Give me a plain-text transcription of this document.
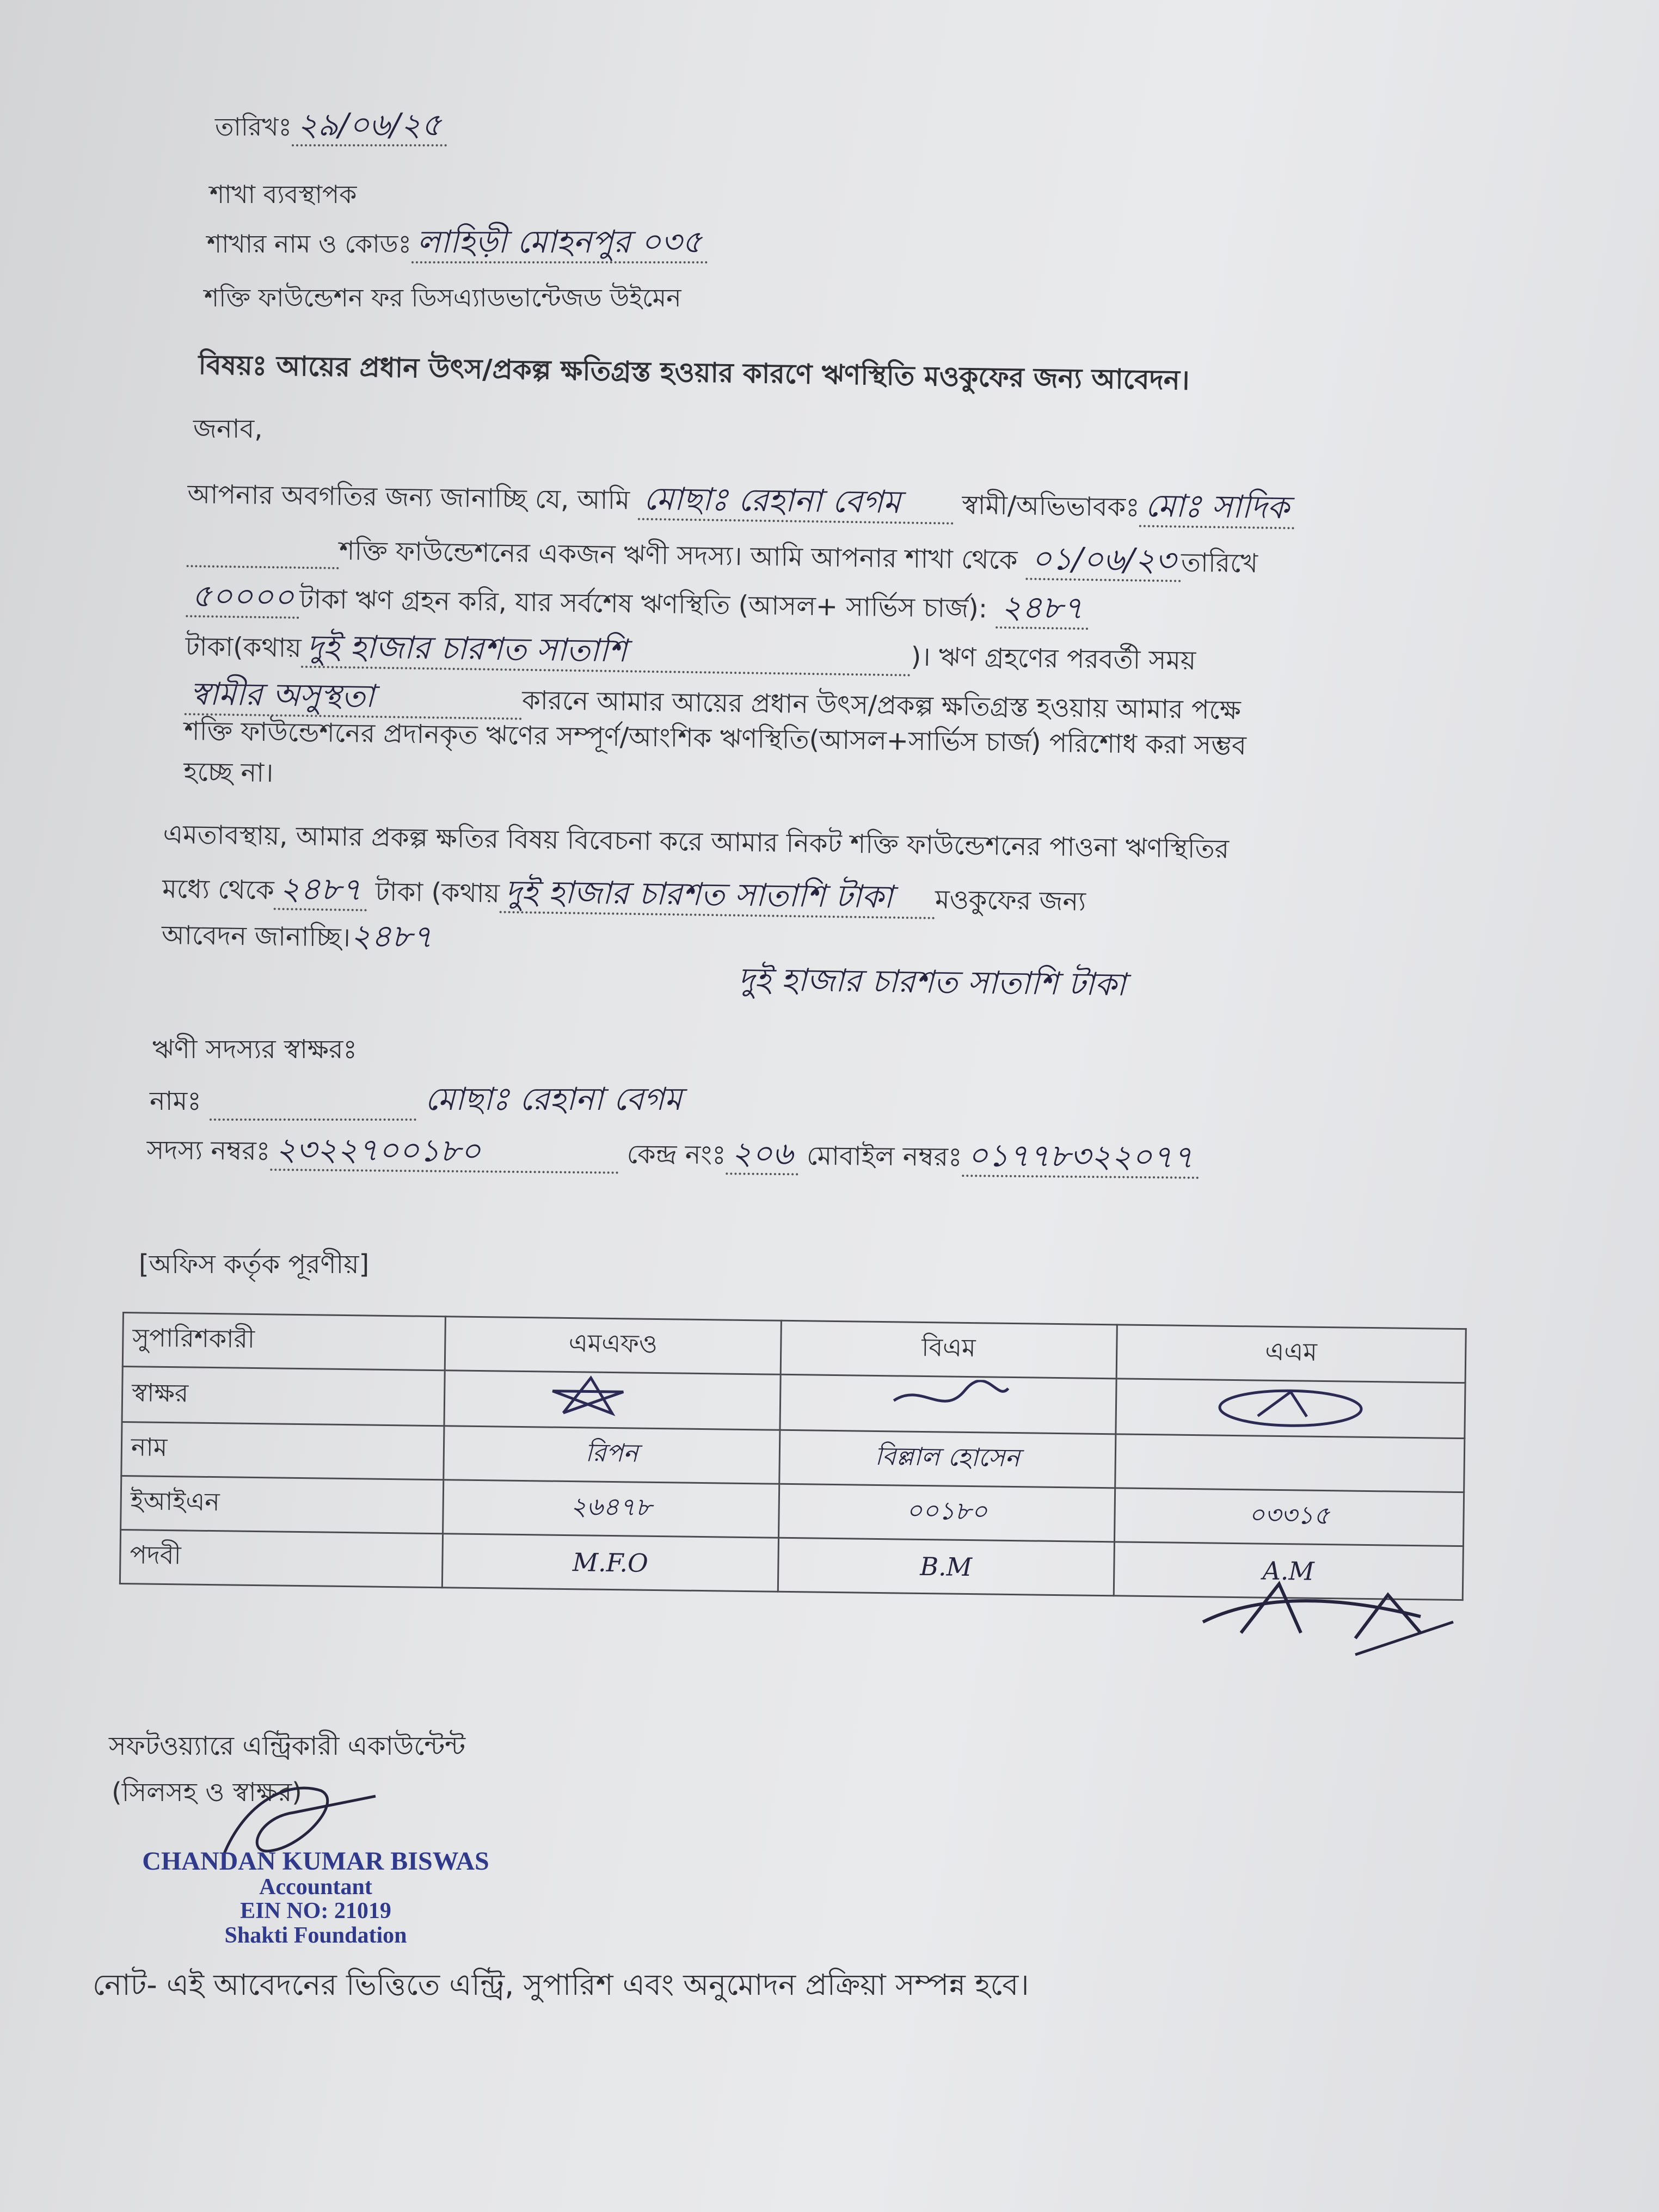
তারিখঃ ২৯/০৬/২৫
শাখা ব্যবস্থাপক
শাখার নাম ও কোডঃ লাহিড়ী মোহনপুর ০৩৫
শক্তি ফাউন্ডেশন ফর ডিসএ্যাডভান্টেজড উইমেন
বিষয়ঃ আয়ের প্রধান উৎস/প্রকল্প ক্ষতিগ্রস্ত হওয়ার কারণে ঋণস্থিতি মওকুফের জন্য আবেদন।
জনাব,
আপনার অবগতির জন্য জানাচ্ছি যে, আমি মোছাঃ রেহানা বেগম স্বামী/অভিভাবকঃ মোঃ সাদিক
শক্তি ফাউন্ডেশনের একজন ঋণী সদস্য। আমি আপনার শাখা থেকে ০১/০৬/২৩ তারিখে
৫০০০০ টাকা ঋণ গ্রহন করি, যার সর্বশেষ ঋণস্থিতি (আসল+ সার্ভিস চার্জ): ২৪৮৭
টাকা(কথায় দুই হাজার চারশত সাতাশি	)। ঋণ গ্রহণের পরবর্তী সময়
স্বামীর অসুস্থতা	কারনে আমার আয়ের প্রধান উৎস/প্রকল্প ক্ষতিগ্রস্ত হওয়ায় আমার পক্ষে
শক্তি ফাউন্ডেশনের প্রদানকৃত ঋণের সম্পূর্ণ/আংশিক ঋণস্থিতি(আসল+সার্ভিস চার্জ) পরিশোধ করা সম্ভব
হচ্ছে না।
এমতাবস্থায়, আমার প্রকল্প ক্ষতির বিষয় বিবেচনা করে আমার নিকট শক্তি ফাউন্ডেশনের পাওনা ঋণস্থিতির
মধ্যে থেকে ২৪৮৭ টাকা (কথায় দুই হাজার চারশত সাতাশি টাকা মওকুফের জন্য
আবেদন জানাচ্ছি।২৪৮৭
দুই হাজার চারশত সাতাশি টাকা
ঋণী সদস্যর স্বাক্ষরঃ
নামঃ	মোছাঃ রেহানা বেগম
সদস্য নম্বরঃ ২৩২২৭০০১৮০	কেন্দ্র নংঃ ২০৬ মোবাইল নম্বরঃ ০১৭৭৮৩২২০৭৭
[অফিস কর্তৃক পূরণীয়]
সুপারিশকারী	এমএফও	বিএম	এএম
স্বাক্ষর			
নাম	রিপন	বিল্লাল হোসেন	
ইআইএন	২৬৪৭৮	০০১৮০	০৩৩১৫
পদবী	M.F.O	B.M	A.M
সফটওয়্যারে এন্ট্রিকারী একাউন্টেন্ট
(সিলসহ ও স্বাক্ষর)
CHANDAN KUMAR BISWAS
Accountant
EIN NO: 21019
Shakti Foundation
নোট- এই আবেদনের ভিত্তিতে এন্ট্রি, সুপারিশ এবং অনুমোদন প্রক্রিয়া সম্পন্ন হবে।
